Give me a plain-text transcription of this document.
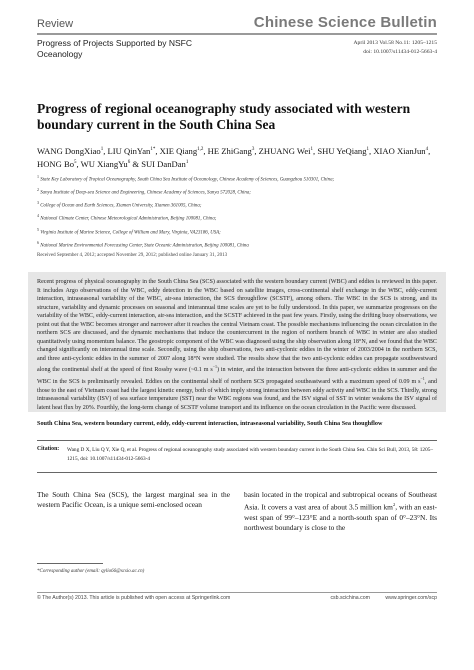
Review	Chinese Science Bulletin
Progress of Projects Supported by NSFC Oceanology
April 2013 Vol.58 No.11: 1205–1215
doi: 10.1007/s11434-012-5663-4
Progress of regional oceanography study associated with western boundary current in the South China Sea
WANG DongXiao$^1$, LIU QinYan$^{1*}$, XIE Qiang$^{1,2}$, HE ZhiGang$^3$, ZHUANG Wei$^1$, SHU YeQiang$^1$, XIAO XianJun$^4$, HONG Bo$^5$, WU XiangYu$^6$ & SUI DanDan$^1$
$^1$ State Key Laboratory of Tropical Oceanography, South China Sea Institute of Oceanology, Chinese Academy of Sciences, Guangzhou 510301, China;
$^2$ Sanya Institute of Deep-sea Science and Engineering, Chinese Academy of Sciences, Sanya 572028, China;
$^3$ College of Ocean and Earth Sciences, Xiamen University, Xiamen 361005, China;
$^4$ National Climate Center, Chinese Meteorological Administration, Beijing 100081, China;
$^5$ Virginia Institute of Marine Science, College of William and Mary, Virginia, VA23186, USA;
$^6$ National Marine Environmental Forecasting Center, State Oceanic Administration, Beijing 100081, China
Received September 4, 2012; accepted November 29, 2012; published online January 31, 2013

Recent progress of physical oceanography in the South China Sea (SCS) associated with the western boundary current (WBC) and eddies is reviewed in this paper. It includes Argo observations of the WBC, eddy detection in the WBC based on satellite images, cross-continental shelf exchange in the WBC, eddy-current interaction, intraseasonal variability of the WBC, air-sea interaction, the SCS throughflow (SCSTF), among others. The WBC in the SCS is strong, and its structure, variability and dynamic processes on seasonal and interannual time scales are yet to be fully understood. In this paper, we summarize progresses on the variability of the WBC, eddy-current interaction, air-sea interaction, and the SCSTF achieved in the past few years. Firstly, using the drifting buoy observations, we point out that the WBC becomes stronger and narrower after it reaches the central Vietnam coast. The possible mechanisms influencing the ocean circulation in the northern SCS are discussed, and the dynamic mechanisms that induce the countercurrent in the region of northern branch of WBC in winter are also studied quantitatively using momentum balance. The geostropic component of the WBC was diagnosed using the ship observation along 18°N, and we found that the WBC changed significantly on interannual time scale. Secondly, using the ship observations, two anti-cyclonic eddies in the winter of 2003/2004 in the northern SCS, and three anti-cyclonic eddies in the summer of 2007 along 18°N were studied. The results show that the two anti-cyclonic eddies can propagate southwestward along the continental shelf at the speed of first Rossby wave (~0.1 m $s^{-1}$) in winter, and the interaction between the three anti-cyclonic eddies in summer and the WBC in the SCS is preliminarily revealed. Eddies on the continental shelf of northern SCS propagated southeastward with a maximum speed of 0.09 m $s^{-1}$, and those to the east of Vietnam coast had the largest kinetic energy, both of which imply strong interaction between eddy activity and WBC in the SCS. Thirdly, strong intraseasonal variability (ISV) of sea surface temperature (SST) near the WBC regions was found, and the ISV signal of SST in winter weakens the ISV signal of latent heat flux by 20%. Fourthly, the long-term change of SCSTF volume transport and its influence on the ocean circulation in the Pacific were discussed.

South China Sea, western boundary current, eddy, eddy-current interaction, intraseasonal variability, South China Sea thoughflow

Citation: Wang D X, Liu Q Y, Xie Q, et al. Progress of regional oceanography study associated with western boundary current in the South China Sea. Chin Sci Bull, 2013, 58: 1205–1215, doi: 10.1007/s11434-012-5663-4

The South China Sea (SCS), the largest marginal sea in the western Pacific Ocean, is a unique semi-enclosed ocean

basin located in the tropical and subtropical oceans of Southeast Asia. It covers a vast area of about 3.5 million $km^2$, with an east-west span of 99°–123°E and a north-south span of 0°–23°N. Its northwest boundary is close to the

*Corresponding author (email: qylio66@scsio.ac.cn)
© The Author(s) 2013. This article is published with open access at Springerlink.com	csb.scichina.com	www.springer.com/scp
